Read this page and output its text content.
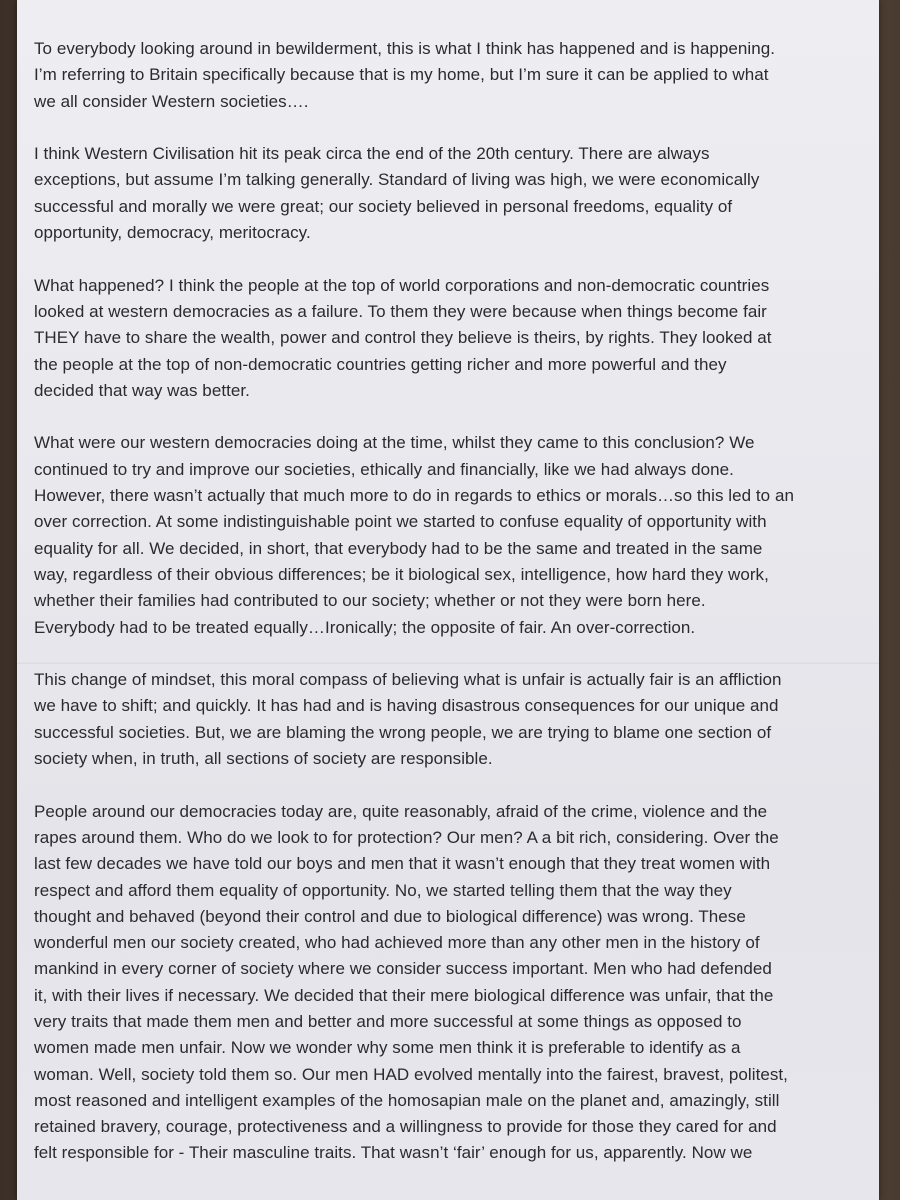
To everybody looking around in bewilderment, this is what I think has happened and is happening.
I’m referring to Britain specifically because that is my home, but I’m sure it can be applied to what
we all consider Western societies….

I think Western Civilisation hit its peak circa the end of the 20th century. There are always
exceptions, but assume I’m talking generally. Standard of living was high, we were economically
successful and morally we were great; our society believed in personal freedoms, equality of
opportunity, democracy, meritocracy.

What happened? I think the people at the top of world corporations and non-democratic countries
looked at western democracies as a failure. To them they were because when things become fair
THEY have to share the wealth, power and control they believe is theirs, by rights. They looked at
the people at the top of non-democratic countries getting richer and more powerful and they
decided that way was better.

What were our western democracies doing at the time, whilst they came to this conclusion? We
continued to try and improve our societies, ethically and financially, like we had always done.
However, there wasn’t actually that much more to do in regards to ethics or morals…so this led to an
over correction. At some indistinguishable point we started to confuse equality of opportunity with
equality for all. We decided, in short, that everybody had to be the same and treated in the same
way, regardless of their obvious differences; be it biological sex, intelligence, how hard they work,
whether their families had contributed to our society; whether or not they were born here.
Everybody had to be treated equally…Ironically; the opposite of fair. An over-correction.

This change of mindset, this moral compass of believing what is unfair is actually fair is an affliction
we have to shift; and quickly. It has had and is having disastrous consequences for our unique and
successful societies. But, we are blaming the wrong people, we are trying to blame one section of
society when, in truth, all sections of society are responsible.

People around our democracies today are, quite reasonably, afraid of the crime, violence and the
rapes around them. Who do we look to for protection? Our men? A a bit rich, considering. Over the
last few decades we have told our boys and men that it wasn’t enough that they treat women with
respect and afford them equality of opportunity. No, we started telling them that the way they
thought and behaved (beyond their control and due to biological difference) was wrong. These
wonderful men our society created, who had achieved more than any other men in the history of
mankind in every corner of society where we consider success important. Men who had defended
it, with their lives if necessary. We decided that their mere biological difference was unfair, that the
very traits that made them men and better and more successful at some things as opposed to
women made men unfair. Now we wonder why some men think it is preferable to identify as a
woman. Well, society told them so. Our men HAD evolved mentally into the fairest, bravest, politest,
most reasoned and intelligent examples of the homosapian male on the planet and, amazingly, still
retained bravery, courage, protectiveness and a willingness to provide for those they cared for and
felt responsible for - Their masculine traits. That wasn’t ‘fair’ enough for us, apparently. Now we
